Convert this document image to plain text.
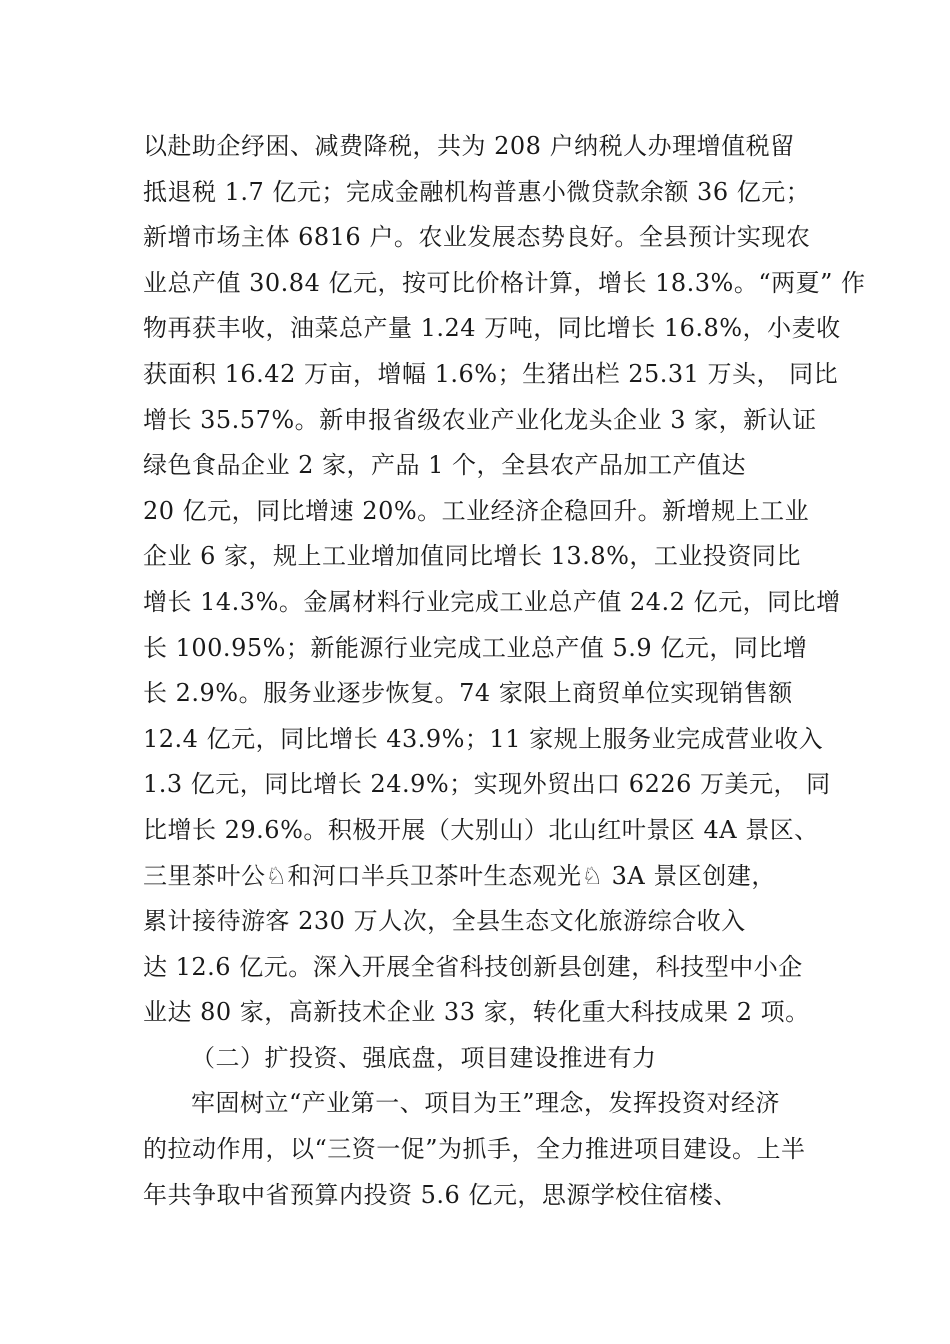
以赴助企纾困、减费降税，共为 208 户纳税人办理增值税留
抵退税 1.7 亿元；完成金融机构普惠小微贷款余额 36 亿元；
新增市场主体 6816 户。农业发展态势良好。全县预计实现农
业总产值 30.84 亿元，按可比价格计算，增长 18.3%。“两夏” 作
物再获丰收，油菜总产量 1.24 万吨，同比增长 16.8%，小麦收
获面积 16.42 万亩，增幅 1.6%；生猪出栏 25.31 万头， 同比
增长 35.57%。新申报省级农业产业化龙头企业 3 家，新认证
绿色食品企业 2 家，产品 1 个，全县农产品加工产值达
20 亿元，同比增速 20%。工业经济企稳回升。新增规上工业
企业 6 家，规上工业增加值同比增长 13.8%，工业投资同比
增长 14.3%。金属材料行业完成工业总产值 24.2 亿元，同比增
长 100.95%；新能源行业完成工业总产值 5.9 亿元，同比增
长 2.9%。服务业逐步恢复。74 家限上商贸单位实现销售额
12.4 亿元，同比增长 43.9%；11 家规上服务业完成营业收入
1.3 亿元，同比增长 24.9%；实现外贸出口 6226 万美元， 同
比增长 29.6%。积极开展（大别山）北山红叶景区 4A 景区、
三里茶叶公♘和河口半兵卫茶叶生态观光♘ 3A 景区创建，
累计接待游客 230 万人次，全县生态文化旅游综合收入
达 12.6 亿元。深入开展全省科技创新县创建，科技型中小企
业达 80 家，高新技术企业 33 家，转化重大科技成果 2 项。
（二）扩投资、强底盘，项目建设推进有力
牢固树立“产业第一、项目为王”理念，发挥投资对经济
的拉动作用，以“三资一促”为抓手，全力推进项目建设。上半
年共争取中省预算内投资 5.6 亿元，思源学校住宿楼、
